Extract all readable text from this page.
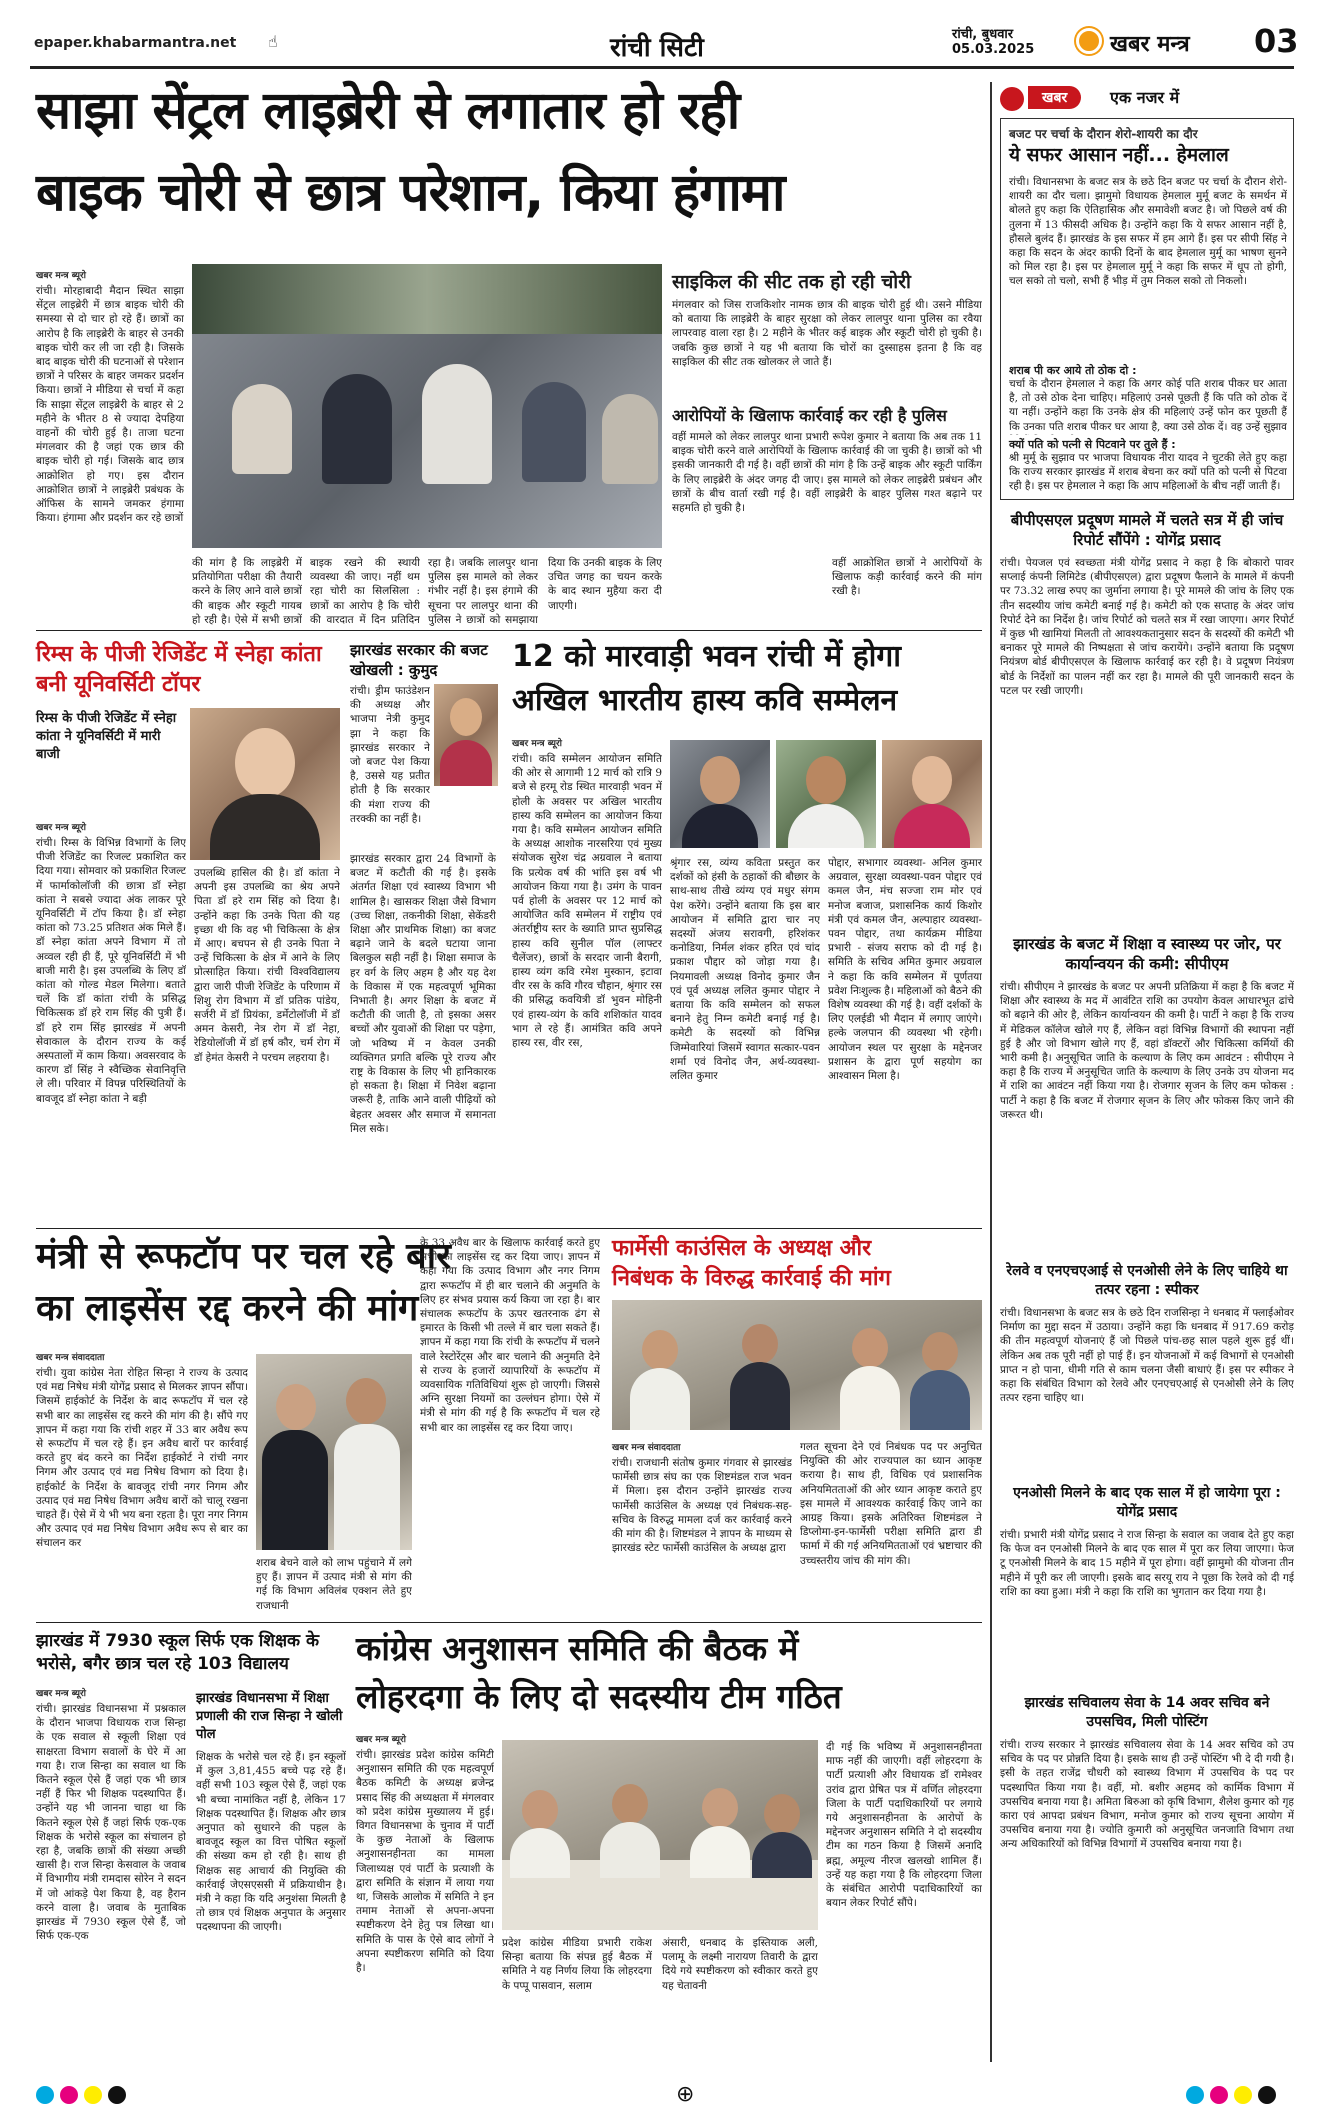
epaper.khabarmantra.net ☝	रांची सिटी	रांची, बुधवार
05.03.2025	खबर मन्त्र 03
साझा सेंट्रल लाइब्रेरी से लगातार हो रही
बाइक चोरी से छात्र परेशान, किया हंगामा
खबर मन्त्र ब्यूरो
रांची। मोरहाबादी मैदान स्थित साझा सेंट्रल लाइब्रेरी में छात्र बाइक चोरी की समस्या से दो चार हो रहे हैं। छात्रों का आरोप है कि लाइब्रेरी के बाहर से उनकी बाइक चोरी कर ली जा रही है। जिसके बाद बाइक चोरी की घटनाओं से परेशान छात्रों ने परिसर के बाहर जमकर प्रदर्शन किया। छात्रों ने मीडिया से चर्चा में कहा कि साझा सेंट्रल लाइब्रेरी के बाहर से 2 महीने के भीतर 8 से ज्यादा देपहिया वाहनों की चोरी हुई है। ताजा घटना मंगलवार की है जहां एक छात्र की बाइक चोरी हो गई। जिसके बाद छात्र आक्रोशित हो गए। इस दौरान आक्रोशित छात्रों ने लाइब्रेरी प्रबंधक के ऑफिस के सामने जमकर हंगामा किया। हंगामा और प्रदर्शन कर रहे छात्रों
की मांग है कि लाइब्रेरी में प्रतियोगिता परीक्षा की तैयारी करने के लिए आने वाले छात्रों की बाइक और स्कूटी गायब हो रही है। ऐसे में सभी छात्रों
बाइक रखने की स्थायी व्यवस्था की जाए। नहीं थम रहा चोरी का सिलसिला : छात्रों का आरोप है कि चोरी की वारदात में दिन प्रतिदिन
रहा है। जबकि लालपुर थाना पुलिस इस मामले को लेकर गंभीर नहीं है। इस हंगामे की सूचना पर लालपुर थाना की पुलिस ने छात्रों को समझाया
दिया कि उनकी बाइक के लिए उचित जगह का चयन करके के बाद स्थान मुहैया करा दी जाएगी।
साइकिल की सीट तक हो रही चोरी
मंगलवार को जिस राजकिशोर नामक छात्र की बाइक चोरी हुई थी। उसने मीडिया को बताया कि लाइब्रेरी के बाहर सुरक्षा को लेकर लालपुर थाना पुलिस का रवैया लापरवाह वाला रहा है। 2 महीने के भीतर कई बाइक और स्कूटी चोरी हो चुकी है। जबकि कुछ छात्रों ने यह भी बताया कि चोरों का दुस्साहस इतना है कि वह साइकिल की सीट तक खोलकर ले जाते हैं।
आरोपियों के खिलाफ कार्रवाई कर रही है पुलिस
वहीं मामले को लेकर लालपुर थाना प्रभारी रूपेश कुमार ने बताया कि अब तक 11 बाइक चोरी करने वाले आरोपियों के खिलाफ कार्रवाई की जा चुकी है। छात्रों को भी इसकी जानकारी दी गई है। वहीं छात्रों की मांग है कि उन्हें बाइक और स्कूटी पार्किंग के लिए लाइब्रेरी के अंदर जगह दी जाए। इस मामले को लेकर लाइब्रेरी प्रबंधन और छात्रों के बीच वार्ता रखी गई है। वहीं लाइब्रेरी के बाहर पुलिस गश्त बढ़ाने पर सहमति हो चुकी है।
वहीं आक्रोशित छात्रों ने आरोपियों के खिलाफ कड़ी कार्रवाई करने की मांग रखी है।
रिम्स के पीजी रेजिडेंट में स्नेहा कांता बनी यूनिवर्सिटी टॉपर
रिम्स के पीजी रेजिडेंट में स्नेहा कांता ने यूनिवर्सिटी में मारी बाजी
खबर मन्त्र ब्यूरो
रांची। रिम्स के विभिन्न विभागों के लिए पीजी रेजिडेंट का रिजल्ट प्रकाशित कर दिया गया। सोमवार को प्रकाशित रिजल्ट में फार्माकोलॉजी की छात्रा डॉ स्नेहा कांता ने सबसे ज्यादा अंक लाकर पूरे यूनिवर्सिटी में टॉप किया है। डॉ स्नेहा कांता को 73.25 प्रतिशत अंक मिले हैं। डॉ स्नेहा कांता अपने विभाग में तो अव्वल रही ही हैं, पूरे यूनिवर्सिटी में भी बाजी मारी है। इस उपलब्धि के लिए डॉ कांता को गोल्ड मेडल मिलेगा। बताते चलें कि डॉ कांता रांची के प्रसिद्ध चिकित्सक डॉ हरे राम सिंह की पुत्री हैं। डॉ हरे राम सिंह झारखंड में अपनी सेवाकाल के दौरान राज्य के कई अस्पतालों में काम किया। अवसरवाद के कारण डॉ सिंह ने स्वैच्छिक सेवानिवृत्ति ले ली। परिवार में विपन्न परिस्थितियों के बावजूद डॉ स्नेहा कांता ने बड़ी
उपलब्धि हासिल की है। डॉ कांता ने अपनी इस उपलब्धि का श्रेय अपने पिता डॉ हरे राम सिंह को दिया है। उन्होंने कहा कि उनके पिता की यह इच्छा थी कि वह भी चिकित्सा के क्षेत्र में आए। बचपन से ही उनके पिता ने उन्हें चिकित्सा के क्षेत्र में आने के लिए प्रोत्साहित किया। रांची विश्वविद्यालय द्वारा जारी पीजी रेजिडेंट के परिणाम में शिशु रोग विभाग में डॉ प्रतिक पांडेय, सर्जरी में डॉ प्रियंका, डर्मेटोलॉजी में डॉ अमन केसरी, नेत्र रोग में डॉ नेहा, रेडियोलॉजी में डॉ हर्ष कौर, चर्म रोग में डॉ हेमंत केसरी ने परचम लहराया है।
झारखंड सरकार की बजट खोखली : कुमुद
रांची। ड्रीम फाउंडेशन की अध्यक्ष और भाजपा नेत्री कुमुद झा ने कहा कि झारखंड सरकार ने जो बजट पेश किया है, उससे यह प्रतीत होती है कि सरकार की मंशा राज्य की तरक्की का नहीं है।
झारखंड सरकार द्वारा 24 विभागों के बजट में कटौती की गई है। इसके अंतर्गत शिक्षा एवं स्वास्थ्य विभाग भी शामिल है। खासकर शिक्षा जैसे विभाग (उच्च शिक्षा, तकनीकी शिक्षा, सेकेंडरी शिक्षा और प्राथमिक शिक्षा) का बजट बढ़ाने जाने के बदले घटाया जाना बिलकुल सही नहीं है। शिक्षा समाज के हर वर्ग के लिए अहम है और यह देश के विकास में एक महत्वपूर्ण भूमिका निभाती है। अगर शिक्षा के बजट में कटौती की जाती है, तो इसका असर बच्चों और युवाओं की शिक्षा पर पड़ेगा, जो भविष्य में न केवल उनकी व्यक्तिगत प्रगति बल्कि पूरे राज्य और राष्ट्र के विकास के लिए भी हानिकारक हो सकता है। शिक्षा में निवेश बढ़ाना जरूरी है, ताकि आने वाली पीढ़ियों को बेहतर अवसर और समाज में समानता मिल सके।
12 को मारवाड़ी भवन रांची में होगा
अखिल भारतीय हास्य कवि सम्मेलन
खबर मन्त्र ब्यूरो
रांची। कवि सम्मेलन आयोजन समिति की ओर से आगामी 12 मार्च को रात्रि 9 बजे से हरमू रोड स्थित मारवाड़ी भवन में होली के अवसर पर अखिल भारतीय हास्य कवि सम्मेलन का आयोजन किया गया है। कवि सम्मेलन आयोजन समिति के अध्यक्ष आशोक नारसरिया एवं मुख्य संयोजक सुरेश चंद्र अग्रवाल ने बताया कि प्रत्येक वर्ष की भांति इस वर्ष भी आयोजन किया गया है। उमंग के पावन पर्व होली के अवसर पर 12 मार्च को आयोजित कवि सम्मेलन में राष्ट्रीय एवं अंतर्राष्ट्रीय स्तर के ख्याति प्राप्त सुप्रसिद्ध हास्य कवि सुनील पॉल (लाफ्टर चैलेंजर), छात्रों के सरदार जानी बैरागी, हास्य व्यंग कवि रमेश मुस्कान, इटावा वीर रस के कवि गौरव चौहान, श्रृंगार रस की प्रसिद्ध कवयित्री डॉ भुवन मोहिनी एवं हास्य-व्यंग के कवि शशिकांत यादव भाग ले रहे हैं। आमंत्रित कवि अपने हास्य रस, वीर रस,
श्रृंगार रस, व्यंग्य कविता प्रस्तुत कर दर्शकों को हंसी के ठहाकों की बौछार के साथ-साथ तीखे व्यंग्य एवं मधुर संगम पेश करेंगे। उन्होंने बताया कि इस बार आयोजन में समिति द्वारा चार नए सदस्यों अंजय सरावगी, हरिशंकर कनोडिया, निर्मल शंकर हरित एवं चांद प्रकाश पौद्दार को जोड़ा गया है। नियमावली अध्यक्ष विनोद कुमार जैन एवं पूर्व अध्यक्ष ललित कुमार पोद्दार ने बताया कि कवि सम्मेलन को सफल बनाने हेतु निम्न कमेटी बनाई गई है। कमेटी के सदस्यों को विभिन्न जिम्मेवारियां जिसमें स्वागत सत्कार-पवन शर्मा एवं विनोद जैन, अर्थ-व्यवस्था- ललित कुमार
पोद्दार, सभागार व्यवस्था- अनिल कुमार अग्रवाल, सुरक्षा व्यवस्था-पवन पोद्दार एवं कमल जैन, मंच सज्जा राम मोर एवं मनोज बजाज, प्रशासनिक कार्य किशोर मंत्री एवं कमल जैन, अल्पाहार व्यवस्था-पवन पोद्दार, तथा कार्यक्रम मीडिया प्रभारी - संजय सराफ को दी गई है। समिति के सचिव अमित कुमार अग्रवाल ने कहा कि कवि सम्मेलन में पूर्णतया प्रवेश निःशुल्क है। महिलाओं को बैठने की विशेष व्यवस्था की गई है। वहीं दर्शकों के लिए एलईडी भी मैदान में लगाए जाएंगे। हल्के जलपान की व्यवस्था भी रहेगी। आयोजन स्थल पर सुरक्षा के मद्देनजर प्रशासन के द्वारा पूर्ण सहयोग का आश्वासन मिला है।
मंत्री से रूफटॉप पर चल रहे बार
का लाइसेंस रद्द करने की मांग
खबर मन्त्र संवाददाता
रांची। युवा कांग्रेस नेता रोहित सिन्हा ने राज्य के उत्पाद एवं मद्य निषेध मंत्री योगेंद्र प्रसाद से मिलकर ज्ञापन सौंपा। जिसमें हाईकोर्ट के निर्देश के बाद रूफटॉप में चल रहे सभी बार का लाइसेंस रद्द करने की मांग की है। सौंपे गए ज्ञापन में कहा गया कि रांची शहर में 33 बार अवैध रूप से रूफटॉप में चल रहे हैं। इन अवैध बारों पर कार्रवाई करते हुए बंद करने का निर्देश हाईकोर्ट ने रांची नगर निगम और उत्पाद एवं मद्य निषेध विभाग को दिया है। हाईकोर्ट के निर्देश के बावजूद रांची नगर निगम और उत्पाद एवं मद्य निषेध विभाग अवैध बारों को चालू रखना चाहते हैं। ऐसे में ये भी भय बना रहता है। पूरा नगर निगम और उत्पाद एवं मद्य निषेध विभाग अवैध रूप से बार का संचालन कर
शराब बेचने वाले को लाभ पहुंचाने में लगे हुए हैं। ज्ञापन में उत्पाद मंत्री से मांग की गई कि विभाग अविलंब एक्शन लेते हुए राजधानी
के 33 अवैध बार के खिलाफ कार्रवाई करते हुए सभी का लाइसेंस रद्द कर दिया जाए। ज्ञापन में कहा गया कि उत्पाद विभाग और नगर निगम द्वारा रूफटॉप में ही बार चलाने की अनुमति के लिए हर संभव प्रयास कर्य किया जा रहा है। बार संचालक रूफटॉप के ऊपर खतरनाक ढंग से इमारत के किसी भी तल्ले में बार चला सकते हैं। ज्ञापन में कहा गया कि रांची के रूफटॉप में चलने वाले रेस्टोरेंट्स और बार चलाने की अनुमति देने से राज्य के हजारों व्यापारियों के रूफटॉप में व्यवसायिक गतिविधियां शुरू हो जाएगी। जिससे अग्नि सुरक्षा नियमों का उल्लंघन होगा। ऐसे में मंत्री से मांग की गई है कि रूफटॉप में चल रहे सभी बार का लाइसेंस रद्द कर दिया जाए।
फार्मेसी काउंसिल के अध्यक्ष और
निबंधक के विरुद्ध कार्रवाई की मांग
खबर मन्त्र संवाददाता
रांची। राजधानी संतोष कुमार गंगवार से झारखंड फार्मेसी छात्र संघ का एक शिष्टमंडल राज भवन में मिला। इस दौरान उन्होंने झारखंड राज्य फार्मेसी काउंसिल के अध्यक्ष एवं निबंधक-सह-सचिव के विरुद्ध मामला दर्ज कर कार्रवाई करने की मांग की है। शिष्टमंडल ने ज्ञापन के माध्यम से झारखंड स्टेट फार्मेसी काउंसिल के अध्यक्ष द्वारा
गलत सूचना देने एवं निबंधक पद पर अनुचित नियुक्ति की ओर राज्यपाल का ध्यान आकृष्ट कराया है। साथ ही, विधिक एवं प्रशासनिक अनियमितताओं की ओर ध्यान आकृष्ट कराते हुए इस मामले में आवश्यक कार्रवाई किए जाने का आग्रह किया। इसके अतिरिक्त शिष्टमंडल ने डिप्लोमा-इन-फार्मेसी परीक्षा समिति द्वारा डी फार्मा में की गई अनियमितताओं एवं भ्रष्टाचार की उच्चस्तरीय जांच की मांग की।
झारखंड में 7930 स्कूल सिर्फ एक शिक्षक के भरोसे, बगैर छात्र चल रहे 103 विद्यालय
खबर मन्त्र ब्यूरो
रांची। झारखंड विधानसभा में प्रश्नकाल के दौरान भाजपा विधायक राज सिन्हा के एक सवाल से स्कूली शिक्षा एवं साक्षरता विभाग सवालों के घेरे में आ गया है। राज सिन्हा का सवाल था कि कितने स्कूल ऐसे हैं जहां एक भी छात्र नहीं हैं फिर भी शिक्षक पदस्थापित हैं। उन्होंने यह भी जानना चाहा था कि कितने स्कूल ऐसे हैं जहां सिर्फ एक-एक शिक्षक के भरोसे स्कूल का संचालन हो रहा है, जबकि छात्रों की संख्या अच्छी खासी है। राज सिन्हा केसवाल के जवाब में विभागीय मंत्री रामदास सोरेन ने सदन में जो आंकड़े पेश किया है, वह हैरान करने वाला है। जवाब के मुताबिक झारखंड में 7930 स्कूल ऐसे हैं, जो सिर्फ एक-एक
झारखंड विधानसभा में शिक्षा प्रणाली की राज सिन्हा ने खोली पोल
शिक्षक के भरोसे चल रहे हैं। इन स्कूलों में कुल 3,81,455 बच्चे पढ़ रहे हैं। वहीं सभी 103 स्कूल ऐसे हैं, जहां एक भी बच्चा नामांकित नहीं है, लेकिन 17 शिक्षक पदस्थापित हैं। शिक्षक और छात्र अनुपात को सुधारने की पहल के बावजूद स्कूल का वित्त पोषित स्कूलों की संख्या कम हो रही है। साथ ही शिक्षक सह आचार्य की नियुक्ति की कार्रवाई जेएसएससी में प्रक्रियाधीन है। मंत्री ने कहा कि यदि अनुशंसा मिलती है तो छात्र एवं शिक्षक अनुपात के अनुसार पदस्थापना की जाएगी।
कांग्रेस अनुशासन समिति की बैठक में
लोहरदगा के लिए दो सदस्यीय टीम गठित
खबर मन्त्र ब्यूरो
रांची। झारखंड प्रदेश कांग्रेस कमिटी अनुशासन समिति की एक महत्वपूर्ण बैठक कमिटी के अध्यक्ष ब्रजेन्द्र प्रसाद सिंह की अध्यक्षता में मंगलवार को प्रदेश कांग्रेस मुख्यालय में हुई। विगत विधानसभा के चुनाव में पार्टी के कुछ नेताओं के खिलाफ अनुशासनहीनता का मामला जिलाध्यक्ष एवं पार्टी के प्रत्याशी के द्वारा समिति के संज्ञान में लाया गया था, जिसके आलोक में समिति ने इन तमाम नेताओं से अपना-अपना स्पष्टीकरण देने हेतु पत्र लिखा था। समिति के पास के ऐसे बाद लोगों ने अपना स्पष्टीकरण समिति को दिया है।
प्रदेश कांग्रेस मीडिया प्रभारी राकेश सिन्हा बताया कि संपन्न हुई बैठक में समिति ने यह निर्णय लिया कि लोहरदगा के पप्पू पासवान, सलाम
अंसारी, धनबाद के इस्तियाक अली, पलामू के लक्ष्मी नारायण तिवारी के द्वारा दिये गये स्पष्टीकरण को स्वीकार करते हुए यह चेतावनी
दी गई कि भविष्य में अनुशासनहीनता माफ नहीं की जाएगी। वहीं लोहरदगा के पार्टी प्रत्याशी और विधायक डॉ रामेश्वर उरांव द्वारा प्रेषित पत्र में वर्णित लोहरदगा जिला के पार्टी पदाधिकारियों पर लगाये गये अनुशासनहीनता के आरोपों के मद्देनजर अनुशासन समिति ने दो सदस्यीय टीम का गठन किया है जिसमें अनादि ब्रह्म, अमूल्य नीरज खलखो शामिल हैं। उन्हें यह कहा गया है कि लोहरदगा जिला के संबंधित आरोपी पदाधिकारियों का बयान लेकर रिपोर्ट सौंपे।
खबर	एक नजर में
बजट पर चर्चा के दौरान शेरो-शायरी का दौर
ये सफर आसान नहीं... हेमलाल
रांची। विधानसभा के बजट सत्र के छठे दिन बजट पर चर्चा के दौरान शेरो-शायरी का दौर चला। झामुमो विधायक हेमलाल मुर्मू बजट के समर्थन में बोलते हुए कहा कि ऐतिहासिक और समावेशी बजट है। जो पिछले वर्ष की तुलना में 13 फीसदी अधिक है। उन्होंने कहा कि ये सफर आसान नहीं है, हौसले बुलंद हैं। झारखंड के इस सफर में हम आगे हैं। इस पर सीपी सिंह ने कहा कि सदन के अंदर काफी दिनों के बाद हेमलाल मुर्मू का भाषण सुनने को मिल रहा है। इस पर हेमलाल मुर्मू ने कहा कि सफर में धूप तो होगी, चल सको तो चलो, सभी हैं भीड़ में तुम निकल सको तो निकलो।
शराब पी कर आये तो ठोक दो :
चर्चा के दौरान हेमलाल ने कहा कि अगर कोई पति शराब पीकर घर आता है, तो उसे ठोक देना चाहिए। महिलाएं उनसे पूछती हैं कि पति को ठोक दें या नहीं। उन्होंने कहा कि उनके क्षेत्र की महिलाएं उन्हें फोन कर पूछती हैं कि उनका पति शराब पीकर घर आया है, क्या उसे ठोक दें। वह उन्हें सुझाव
क्यों पति को पत्नी से पिटवाने पर तुले हैं :
श्री मुर्मू के सुझाव पर भाजपा विधायक नीरा यादव ने चुटकी लेते हुए कहा कि राज्य सरकार झारखंड में शराब बेचना कर क्यों पति को पत्नी से पिटवा रही है। इस पर हेमलाल ने कहा कि आप महिलाओं के बीच नहीं जाती हैं।
बीपीएसएल प्रदूषण मामले में चलते सत्र में ही जांच रिपोर्ट सौंपेंगे : योगेंद्र प्रसाद
रांची। पेयजल एवं स्वच्छता मंत्री योगेंद्र प्रसाद ने कहा है कि बोकारो पावर सप्लाई कंपनी लिमिटेड (बीपीएसएल) द्वारा प्रदूषण फैलाने के मामले में कंपनी पर 73.32 लाख रुपए का जुर्माना लगाया है। पूरे मामले की जांच के लिए एक तीन सदस्यीय जांच कमेटी बनाई गई है। कमेटी को एक सप्ताह के अंदर जांच रिपोर्ट देने का निर्देश है। जांच रिपोर्ट को चलते सत्र में रखा जाएगा। अगर रिपोर्ट में कुछ भी खामियां मिलती तो आवश्यकतानुसार सदन के सदस्यों की कमेटी भी बनाकर पूरे मामले की निष्पक्षता से जांच करायेंगे। उन्होंने बताया कि प्रदूषण नियंत्रण बोर्ड बीपीएसएल के खिलाफ कार्रवाई कर रही है। वे प्रदूषण नियंत्रण बोर्ड के निर्देशों का पालन नहीं कर रहा है। मामले की पूरी जानकारी सदन के पटल पर रखी जाएगी।
झारखंड के बजट में शिक्षा व स्वास्थ्य पर जोर, पर कार्यान्वयन की कमी: सीपीएम
रांची। सीपीएम ने झारखंड के बजट पर अपनी प्रतिक्रिया में कहा है कि बजट में शिक्षा और स्वास्थ्य के मद में आवंटित राशि का उपयोग केवल आधारभूत ढांचे को बढ़ाने की ओर है, लेकिन कार्यान्वयन की कमी है। पार्टी ने कहा है कि राज्य में मेडिकल कॉलेज खोले गए हैं, लेकिन वहां विभिन्न विभागों की स्थापना नहीं हुई है और जो विभाग खोले गए हैं, वहां डॉक्टरों और चिकित्सा कर्मियों की भारी कमी है। अनुसूचित जाति के कल्याण के लिए कम आवंटन : सीपीएम ने कहा है कि राज्य में अनुसूचित जाति के कल्याण के लिए उनके उप योजना मद में राशि का आवंटन नहीं किया गया है। रोजगार सृजन के लिए कम फोकस : पार्टी ने कहा है कि बजट में रोजगार सृजन के लिए और फोकस किए जाने की जरूरत थी।
रेलवे व एनएचएआई से एनओसी लेने के लिए चाहिये था तत्पर रहना : स्पीकर
रांची। विधानसभा के बजट सत्र के छठे दिन राजसिन्हा ने धनबाद में फ्लाईओवर निर्माण का मुद्दा सदन में उठाया। उन्होंने कहा कि धनबाद में 917.69 करोड़ की तीन महत्वपूर्ण योजनाएं हैं जो पिछले पांच-छह साल पहले शुरू हुई थीं। लेकिन अब तक पूरी नहीं हो पाई हैं। इन योजनाओं में कई विभागों से एनओसी प्राप्त न हो पाना, धीमी गति से काम चलना जैसी बाधाएं हैं। इस पर स्पीकर ने कहा कि संबंधित विभाग को रेलवे और एनएचएआई से एनओसी लेने के लिए तत्पर रहना चाहिए था।
एनओसी मिलने के बाद एक साल में हो जायेगा पूरा : योगेंद्र प्रसाद
रांची। प्रभारी मंत्री योगेंद्र प्रसाद ने राज सिन्हा के सवाल का जवाब देते हुए कहा कि फेज वन एनओसी मिलने के बाद एक साल में पूरा कर लिया जाएगा। फेज टू एनओसी मिलने के बाद 15 महीने में पूरा होगा। वहीं झामुमो की योजना तीन महीने में पूरी कर ली जाएगी। इसके बाद सरयू राय ने पूछा कि रेलवे को दी गई राशि का क्या हुआ। मंत्री ने कहा कि राशि का भुगतान कर दिया गया है।
झारखंड सचिवालय सेवा के 14 अवर सचिव बने उपसचिव, मिली पोस्टिंग
रांची। राज्य सरकार ने झारखंड सचिवालय सेवा के 14 अवर सचिव को उप सचिव के पद पर प्रोन्नति दिया है। इसके साथ ही उन्हें पोस्टिंग भी दे दी गयी है। इसी के तहत राजेंद्र चौधरी को स्वास्थ्य विभाग में उपसचिव के पद पर पदस्थापित किया गया है। वहीं, मो. बशीर अहमद को कार्मिक विभाग में उपसचिव बनाया गया है। अमिता बिरुआ को कृषि विभाग, शैलेश कुमार को गृह कारा एवं आपदा प्रबंधन विभाग, मनोज कुमार को राज्य सूचना आयोग में उपसचिव बनाया गया है। ज्योति कुमारी को अनुसूचित जनजाति विभाग तथा अन्य अधिकारियों को विभिन्न विभागों में उपसचिव बनाया गया है।
⊕
